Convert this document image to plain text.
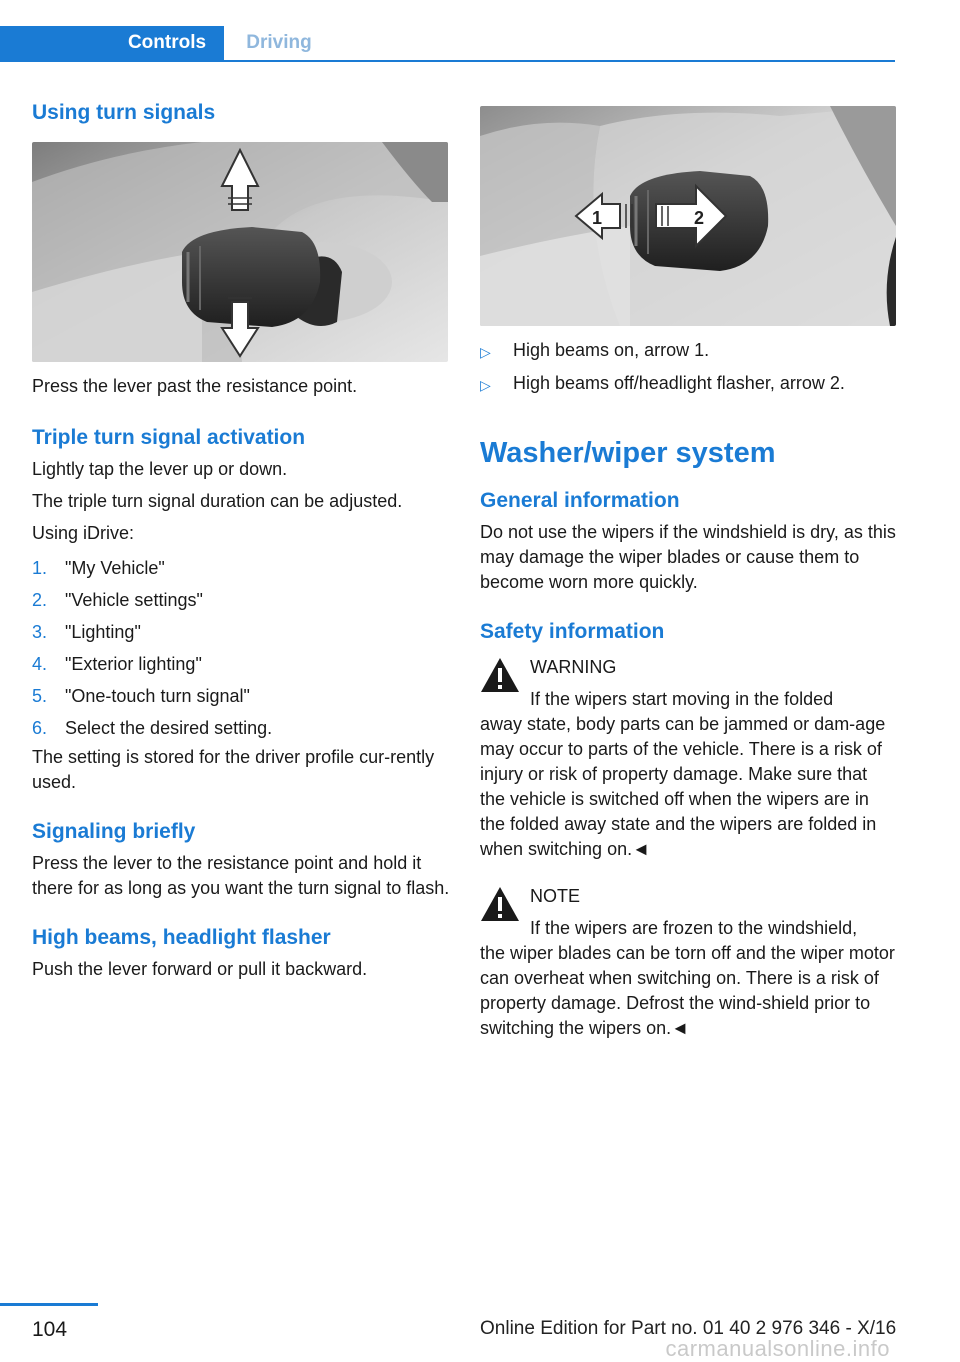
Controls Driving
Using turn signals

Press the lever past the resistance point.

Triple turn signal activation

Lightly tap the lever up or down.

The triple turn signal duration can be adjusted.

Using iDrive:

1. "My Vehicle"
2. "Vehicle settings"
3. "Lighting"
4. "Exterior lighting"
5. "One-touch turn signal"
6. Select the desired setting.

The setting is stored for the driver profile cur-rently used.

Signaling briefly

Press the lever to the resistance point and hold it there for as long as you want the turn signal to flash.

High beams, headlight flasher

Push the lever forward or pull it backward.

1	2
▷	High beams on, arrow 1.
▷	High beams off/headlight flasher, arrow 2.
Washer/wiper system
General information

Do not use the wipers if the windshield is dry, as this may damage the wiper blades or cause them to become worn more quickly.

Safety information
WARNING
If the wipers start moving in the folded

away state, body parts can be jammed or dam-age may occur to parts of the vehicle. There is a risk of injury or risk of property damage. Make sure that the vehicle is switched off when the wipers are in the folded away state and the wipers are folded in when switching on.◄

NOTE
If the wipers are frozen to the windshield,

the wiper blades can be torn off and the wiper motor can overheat when switching on. There is a risk of property damage. Defrost the wind-shield prior to switching the wipers on.◄

104	Online Edition for Part no. 01 40 2 976 346 - X/16
carmanualsonline.info
